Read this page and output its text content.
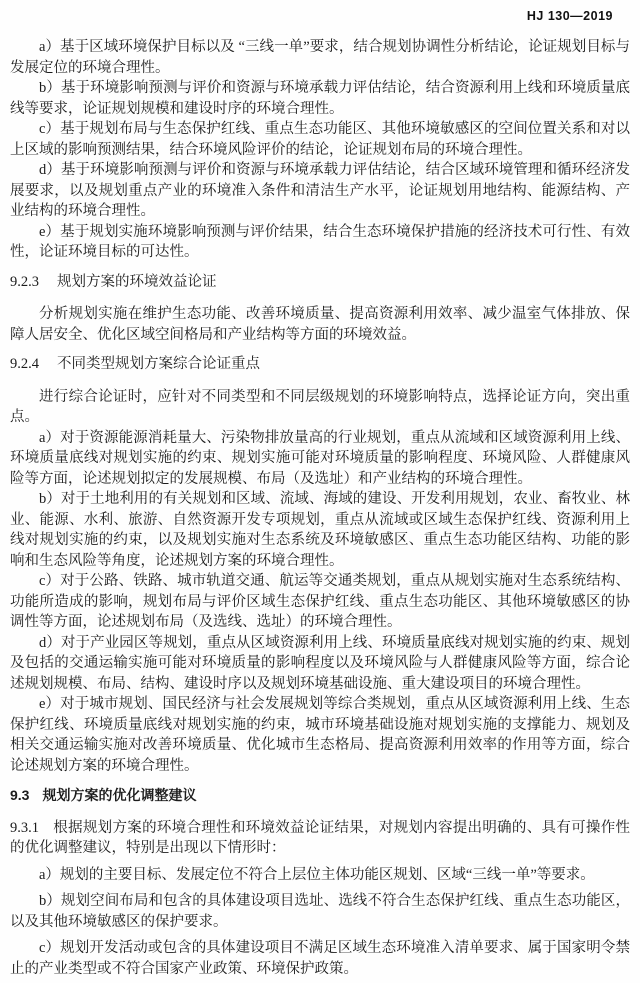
HJ 130—2019

a）基于区域环境保护目标以及 “三线一单”要求，结合规划协调性分析结论，论证规划目标与发展定位的环境合理性。

b）基于环境影响预测与评价和资源与环境承载力评估结论，结合资源利用上线和环境质量底线等要求，论证规划规模和建设时序的环境合理性。

c）基于规划布局与生态保护红线、重点生态功能区、其他环境敏感区的空间位置关系和对以上区域的影响预测结果，结合环境风险评价的结论，论证规划布局的环境合理性。

d）基于环境影响预测与评价和资源与环境承载力评估结论，结合区域环境管理和循环经济发展要求，以及规划重点产业的环境准入条件和清洁生产水平，论证规划用地结构、能源结构、产业结构的环境合理性。

e）基于规划实施环境影响预测与评价结果，结合生态环境保护措施的经济技术可行性、有效性，论证环境目标的可达性。

9.2.3 规划方案的环境效益论证

分析规划实施在维护生态功能、改善环境质量、提高资源利用效率、减少温室气体排放、保障人居安全、优化区域空间格局和产业结构等方面的环境效益。

9.2.4 不同类型规划方案综合论证重点

进行综合论证时，应针对不同类型和不同层级规划的环境影响特点，选择论证方向，突出重点。

a）对于资源能源消耗量大、污染物排放量高的行业规划，重点从流域和区域资源利用上线、环境质量底线对规划实施的约束、规划实施可能对环境质量的影响程度、环境风险、人群健康风险等方面，论述规划拟定的发展规模、布局（及选址）和产业结构的环境合理性。

b）对于土地利用的有关规划和区域、流域、海域的建设、开发利用规划，农业、畜牧业、林业、能源、水利、旅游、自然资源开发专项规划，重点从流域或区域生态保护红线、资源利用上线对规划实施的约束，以及规划实施对生态系统及环境敏感区、重点生态功能区结构、功能的影响和生态风险等角度，论述规划方案的环境合理性。

c）对于公路、铁路、城市轨道交通、航运等交通类规划，重点从规划实施对生态系统结构、功能所造成的影响，规划布局与评价区域生态保护红线、重点生态功能区、其他环境敏感区的协调性等方面，论述规划布局（及选线、选址）的环境合理性。

d）对于产业园区等规划，重点从区域资源利用上线、环境质量底线对规划实施的约束、规划及包括的交通运输实施可能对环境质量的影响程度以及环境风险与人群健康风险等方面，综合论述规划规模、布局、结构、建设时序以及规划环境基础设施、重大建设项目的环境合理性。

e）对于城市规划、国民经济与社会发展规划等综合类规划，重点从区域资源利用上线、生态保护红线、环境质量底线对规划实施的约束，城市环境基础设施对规划实施的支撑能力、规划及相关交通运输实施对改善环境质量、优化城市生态格局、提高资源利用效率的作用等方面，综合论述规划方案的环境合理性。

9.3 规划方案的优化调整建议

9.3.1 根据规划方案的环境合理性和环境效益论证结果，对规划内容提出明确的、具有可操作性的优化调整建议，特别是出现以下情形时：

a）规划的主要目标、发展定位不符合上层位主体功能区规划、区域“三线一单”等要求。

b）规划空间布局和包含的具体建设项目选址、选线不符合生态保护红线、重点生态功能区，以及其他环境敏感区的保护要求。

c）规划开发活动或包含的具体建设项目不满足区域生态环境准入清单要求、属于国家明令禁止的产业类型或不符合国家产业政策、环境保护政策。
